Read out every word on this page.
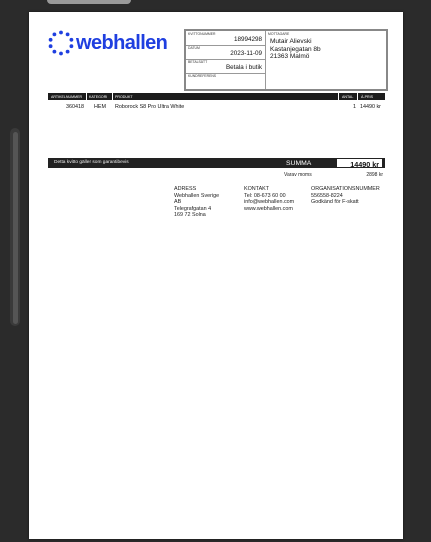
webhallen	KVITTONUMMER
18994298
DATUM
2023-11-09
BETALSÄTT
Betala i butik
KUNDREFERENS
MOTTAGARE
Mutair Alievski
Kastanjegatan 8b
21363 Malmö
ARTIKELNUMMER KATEGORI PRODUKT	ANTAL À-PRIS
360418 HEM Roborock S8 Pro Ultra White	1 14490 kr
Detta kvitto gäller som garantibevis	SUMMA	14490 kr
Varav moms	2898 kr
ADRESS
Webhallen Sverige
AB
Telegrafgatan 4
169 72 Solna
KONTAKT
Tel: 08-673 60 00
info@webhallen.com
www.webhallen.com
ORGANISATIONSNUMMER
556558-8224
Godkänd för F-skatt
